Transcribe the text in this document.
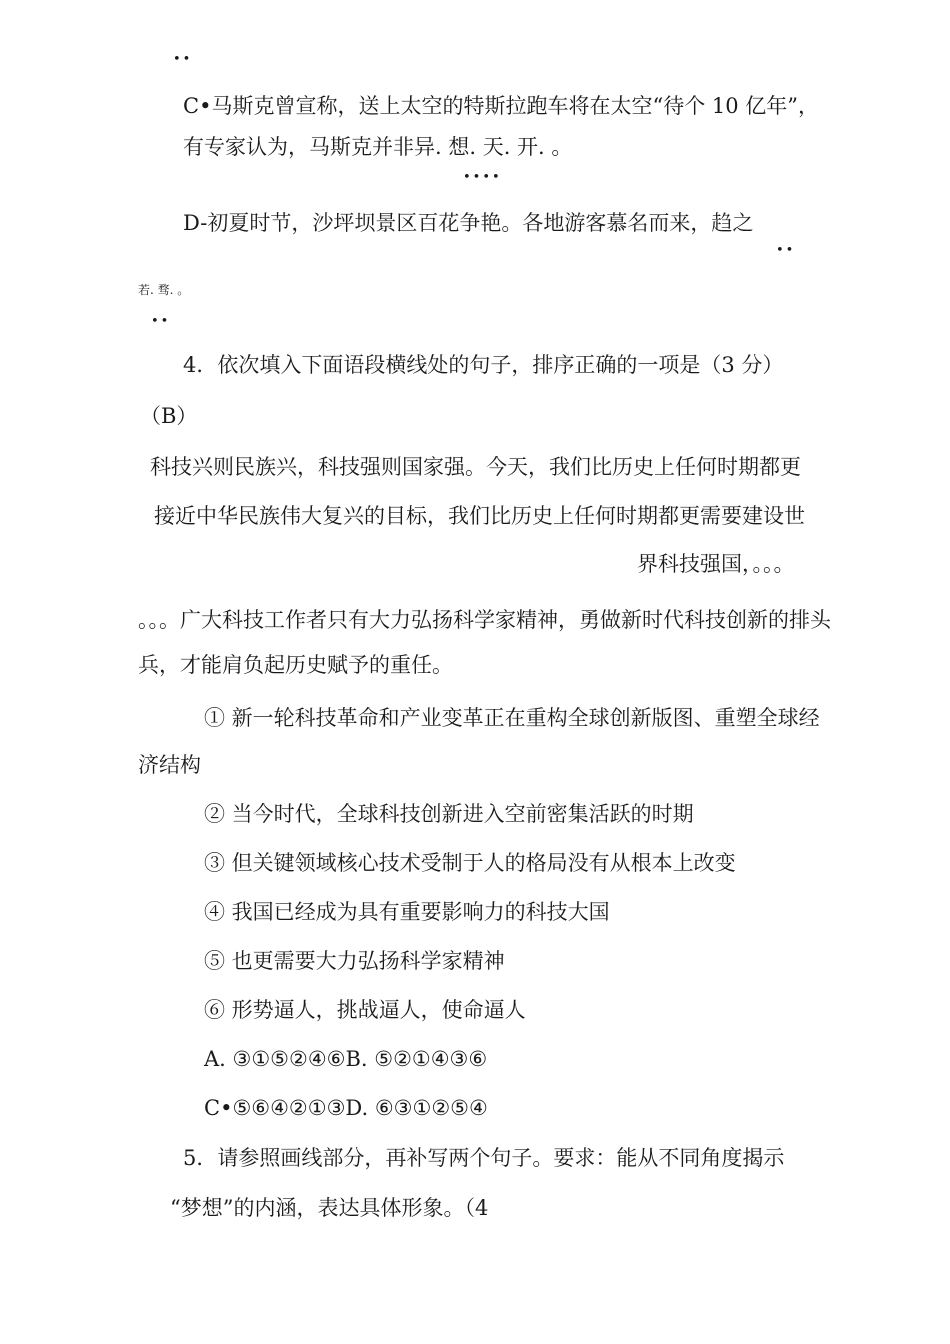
••
C•马斯克曾宣称，送上太空的特斯拉跑车将在太空“待个 10 亿年”，
有专家认为，马斯克并非异. 想. 天. 开. 。
••••
D-初夏时节，沙坪坝景区百花争艳。各地游客慕名而来，趋之
••
若. 骛. 。
••
4．依次填入下面语段横线处的句子，排序正确的一项是（3 分）
（B）
科技兴则民族兴，科技强则国家强。今天，我们比历史上任何时期都更
接近中华民族伟大复兴的目标，我们比历史上任何时期都更需要建设世
界科技强国，。。。
。。。广大科技工作者只有大力弘扬科学家精神，勇做新时代科技创新的排头
兵，才能肩负起历史赋予的重任。
① 新一轮科技革命和产业变革正在重构全球创新版图、重塑全球经
济结构
② 当今时代，全球科技创新进入空前密集活跃的时期
③ 但关键领域核心技术受制于人的格局没有从根本上改变
④ 我国已经成为具有重要影响力的科技大国
⑤ 也更需要大力弘扬科学家精神
⑥ 形势逼人，挑战逼人，使命逼人
A. ③①⑤②④⑥B. ⑤②①④③⑥
C•⑤⑥④②①③D. ⑥③①②⑤④
5．请参照画线部分，再补写两个句子。要求：能从不同角度揭示
“梦想”的内涵，表达具体形象。（4
